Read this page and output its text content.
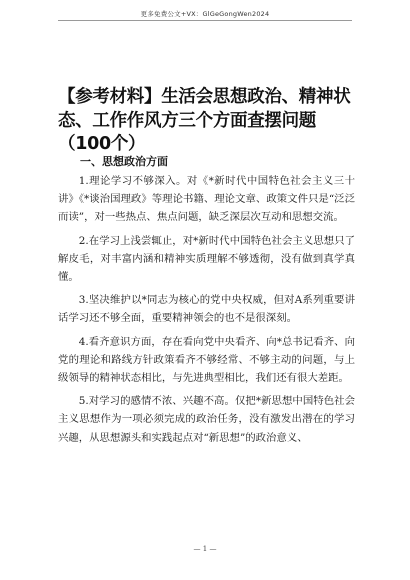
更多免费公文+VX：GlGeGongWen2024
【参考材料】生活会思想政治、精神状态、工作作风方三个方面查摆问题（100个）
一、思想政治方面

1.理论学习不够深入。对《*新时代中国特色社会主义三十讲》《*谈治国理政》等理论书籍、理论文章、政策文件只是“泛泛而读”，对一些热点、焦点问题，缺乏深层次互动和思想交流。

2.在学习上浅尝辄止，对*新时代中国特色社会主义思想只了解皮毛，对丰富内涵和精神实质理解不够透彻，没有做到真学真懂。

3.坚决维护以*同志为核心的党中央权威，但对A系列重要讲话学习还不够全面，重要精神领会的也不是很深刻。

4.看齐意识方面，存在看向党中央看齐、向*总书记看齐、向党的理论和路线方针政策看齐不够经常、不够主动的问题，与上级领导的精神状态相比，与先进典型相比，我们还有很大差距。

5.对学习的感情不浓、兴趣不高。仅把*新思想中国特色社会主义思想作为一项必须完成的政治任务，没有激发出潜在的学习兴趣，从思想源头和实践起点对“新思想”的政治意义、

— 1 —
